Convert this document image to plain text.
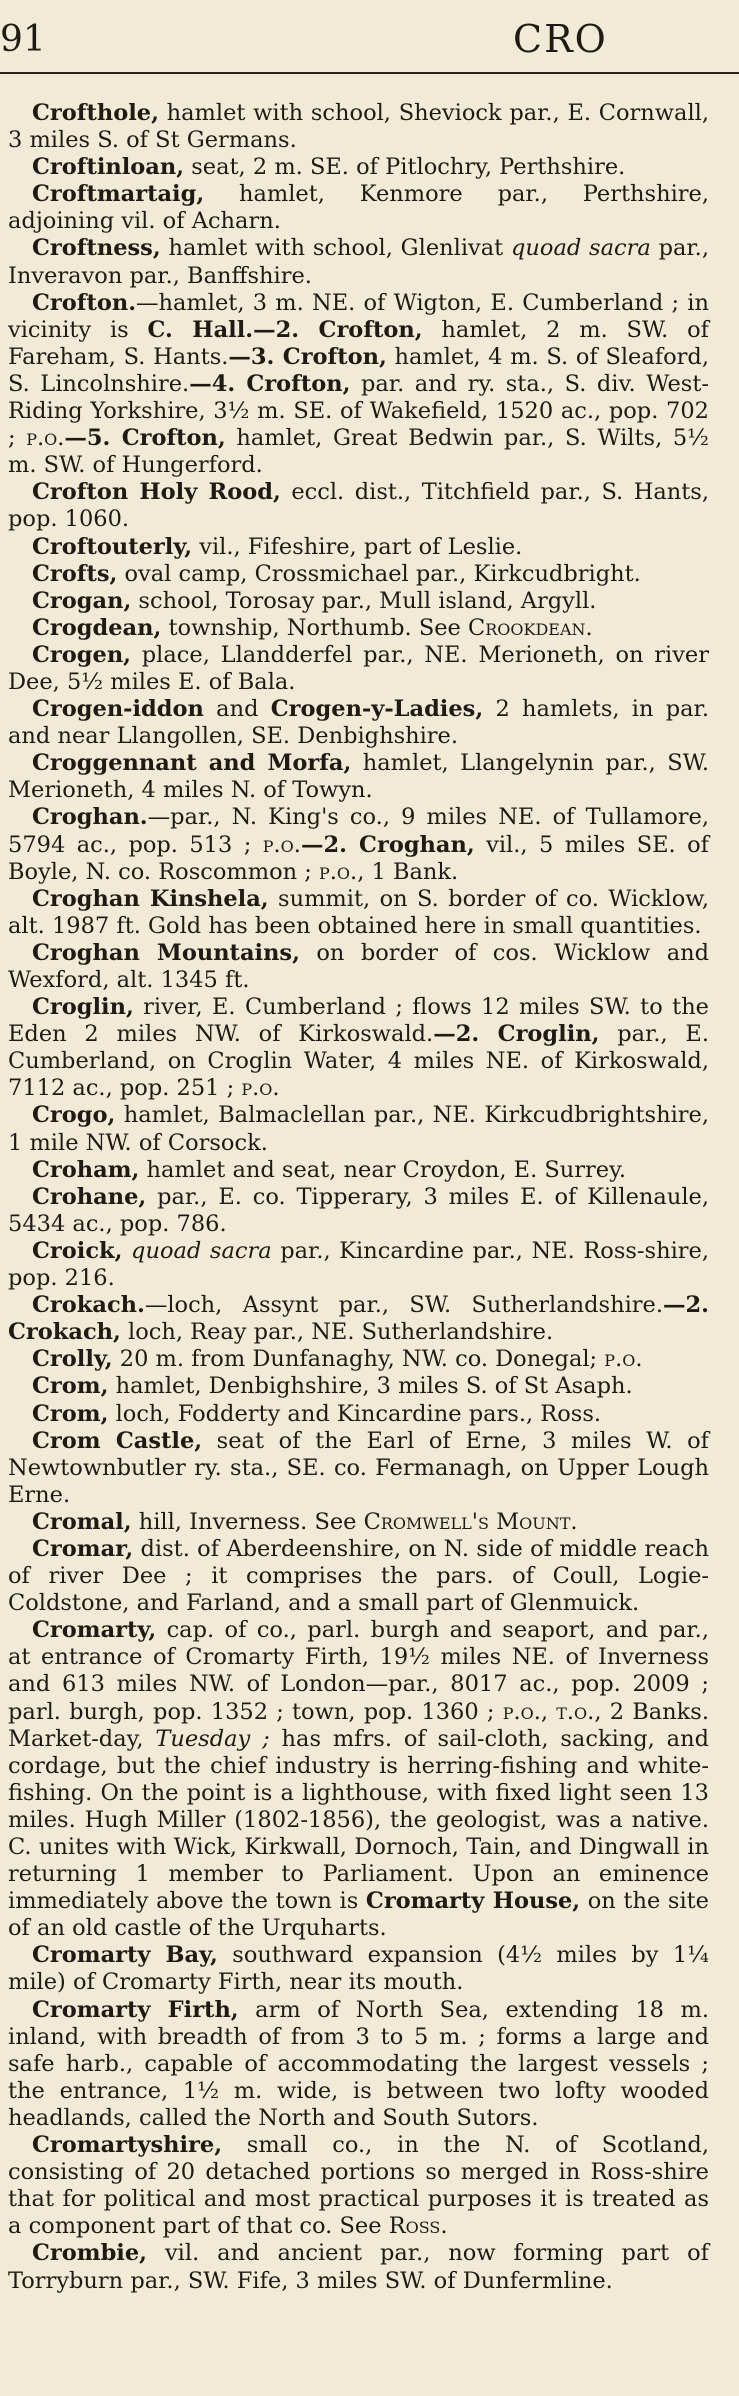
91	CRO

Crofthole, hamlet with school, Sheviock par., E. Cornwall, 3 miles S. of St Germans.

Croftinloan, seat, 2 m. SE. of Pitlochry, Perthshire.

Croftmartaig, hamlet, Kenmore par., Perthshire, adjoining vil. of Acharn.

Croftness, hamlet with school, Glenlivat quoad sacra par., Inveravon par., Banffshire.

Crofton.—hamlet, 3 m. NE. of Wigton, E. Cumberland ; in vicinity is C. Hall.—2. Crofton, hamlet, 2 m. SW. of Fareham, S. Hants.—3. Crofton, hamlet, 4 m. S. of Sleaford, S. Lincolnshire.—4. Crofton, par. and ry. sta., S. div. West-Riding Yorkshire, 3½ m. SE. of Wakefield, 1520 ac., pop. 702 ; p.o.—5. Crofton, hamlet, Great Bedwin par., S. Wilts, 5½ m. SW. of Hungerford.

Crofton Holy Rood, eccl. dist., Titchfield par., S. Hants, pop. 1060.

Croftouterly, vil., Fifeshire, part of Leslie.

Crofts, oval camp, Crossmichael par., Kirkcudbright.

Crogan, school, Torosay par., Mull island, Argyll.

Crogdean, township, Northumb. See Crookdean.

Crogen, place, Llandderfel par., NE. Merioneth, on river Dee, 5½ miles E. of Bala.

Crogen-iddon and Crogen-y-Ladies, 2 hamlets, in par. and near Llangollen, SE. Denbighshire.

Croggennant and Morfa, hamlet, Llangelynin par., SW. Merioneth, 4 miles N. of Towyn.

Croghan.—par., N. King's co., 9 miles NE. of Tullamore, 5794 ac., pop. 513 ; p.o.—2. Croghan, vil., 5 miles SE. of Boyle, N. co. Roscommon ; p.o., 1 Bank.

Croghan Kinshela, summit, on S. border of co. Wicklow, alt. 1987 ft. Gold has been obtained here in small quantities.

Croghan Mountains, on border of cos. Wicklow and Wexford, alt. 1345 ft.

Croglin, river, E. Cumberland ; flows 12 miles SW. to the Eden 2 miles NW. of Kirkoswald.—2. Croglin, par., E. Cumberland, on Croglin Water, 4 miles NE. of Kirkoswald, 7112 ac., pop. 251 ; p.o.

Crogo, hamlet, Balmaclellan par., NE. Kirkcudbrightshire, 1 mile NW. of Corsock.

Croham, hamlet and seat, near Croydon, E. Surrey.

Crohane, par., E. co. Tipperary, 3 miles E. of Killenaule, 5434 ac., pop. 786.

Croick, quoad sacra par., Kincardine par., NE. Ross-shire, pop. 216.

Crokach.—loch, Assynt par., SW. Sutherlandshire.—2. Crokach, loch, Reay par., NE. Sutherlandshire.

Crolly, 20 m. from Dunfanaghy, NW. co. Donegal; p.o.

Crom, hamlet, Denbighshire, 3 miles S. of St Asaph.

Crom, loch, Fodderty and Kincardine pars., Ross.

Crom Castle, seat of the Earl of Erne, 3 miles W. of Newtownbutler ry. sta., SE. co. Fermanagh, on Upper Lough Erne.

Cromal, hill, Inverness. See Cromwell's Mount.

Cromar, dist. of Aberdeenshire, on N. side of middle reach of river Dee ; it comprises the pars. of Coull, Logie-Coldstone, and Farland, and a small part of Glenmuick.

Cromarty, cap. of co., parl. burgh and seaport, and par., at entrance of Cromarty Firth, 19½ miles NE. of Inverness and 613 miles NW. of London—par., 8017 ac., pop. 2009 ; parl. burgh, pop. 1352 ; town, pop. 1360 ; p.o., t.o., 2 Banks. Market-day, Tuesday ; has mfrs. of sail-cloth, sacking, and cordage, but the chief industry is herring-fishing and white-fishing. On the point is a lighthouse, with fixed light seen 13 miles. Hugh Miller (1802-1856), the geologist, was a native. C. unites with Wick, Kirkwall, Dornoch, Tain, and Dingwall in returning 1 member to Parliament. Upon an eminence immediately above the town is Cromarty House, on the site of an old castle of the Urquharts.

Cromarty Bay, southward expansion (4½ miles by 1¼ mile) of Cromarty Firth, near its mouth.

Cromarty Firth, arm of North Sea, extending 18 m. inland, with breadth of from 3 to 5 m. ; forms a large and safe harb., capable of accommodating the largest vessels ; the entrance, 1½ m. wide, is between two lofty wooded headlands, called the North and South Sutors.

Cromartyshire, small co., in the N. of Scotland, consisting of 20 detached portions so merged in Ross-shire that for political and most practical purposes it is treated as a component part of that co. See Ross.

Crombie, vil. and ancient par., now forming part of Torryburn par., SW. Fife, 3 miles SW. of Dunfermline.
